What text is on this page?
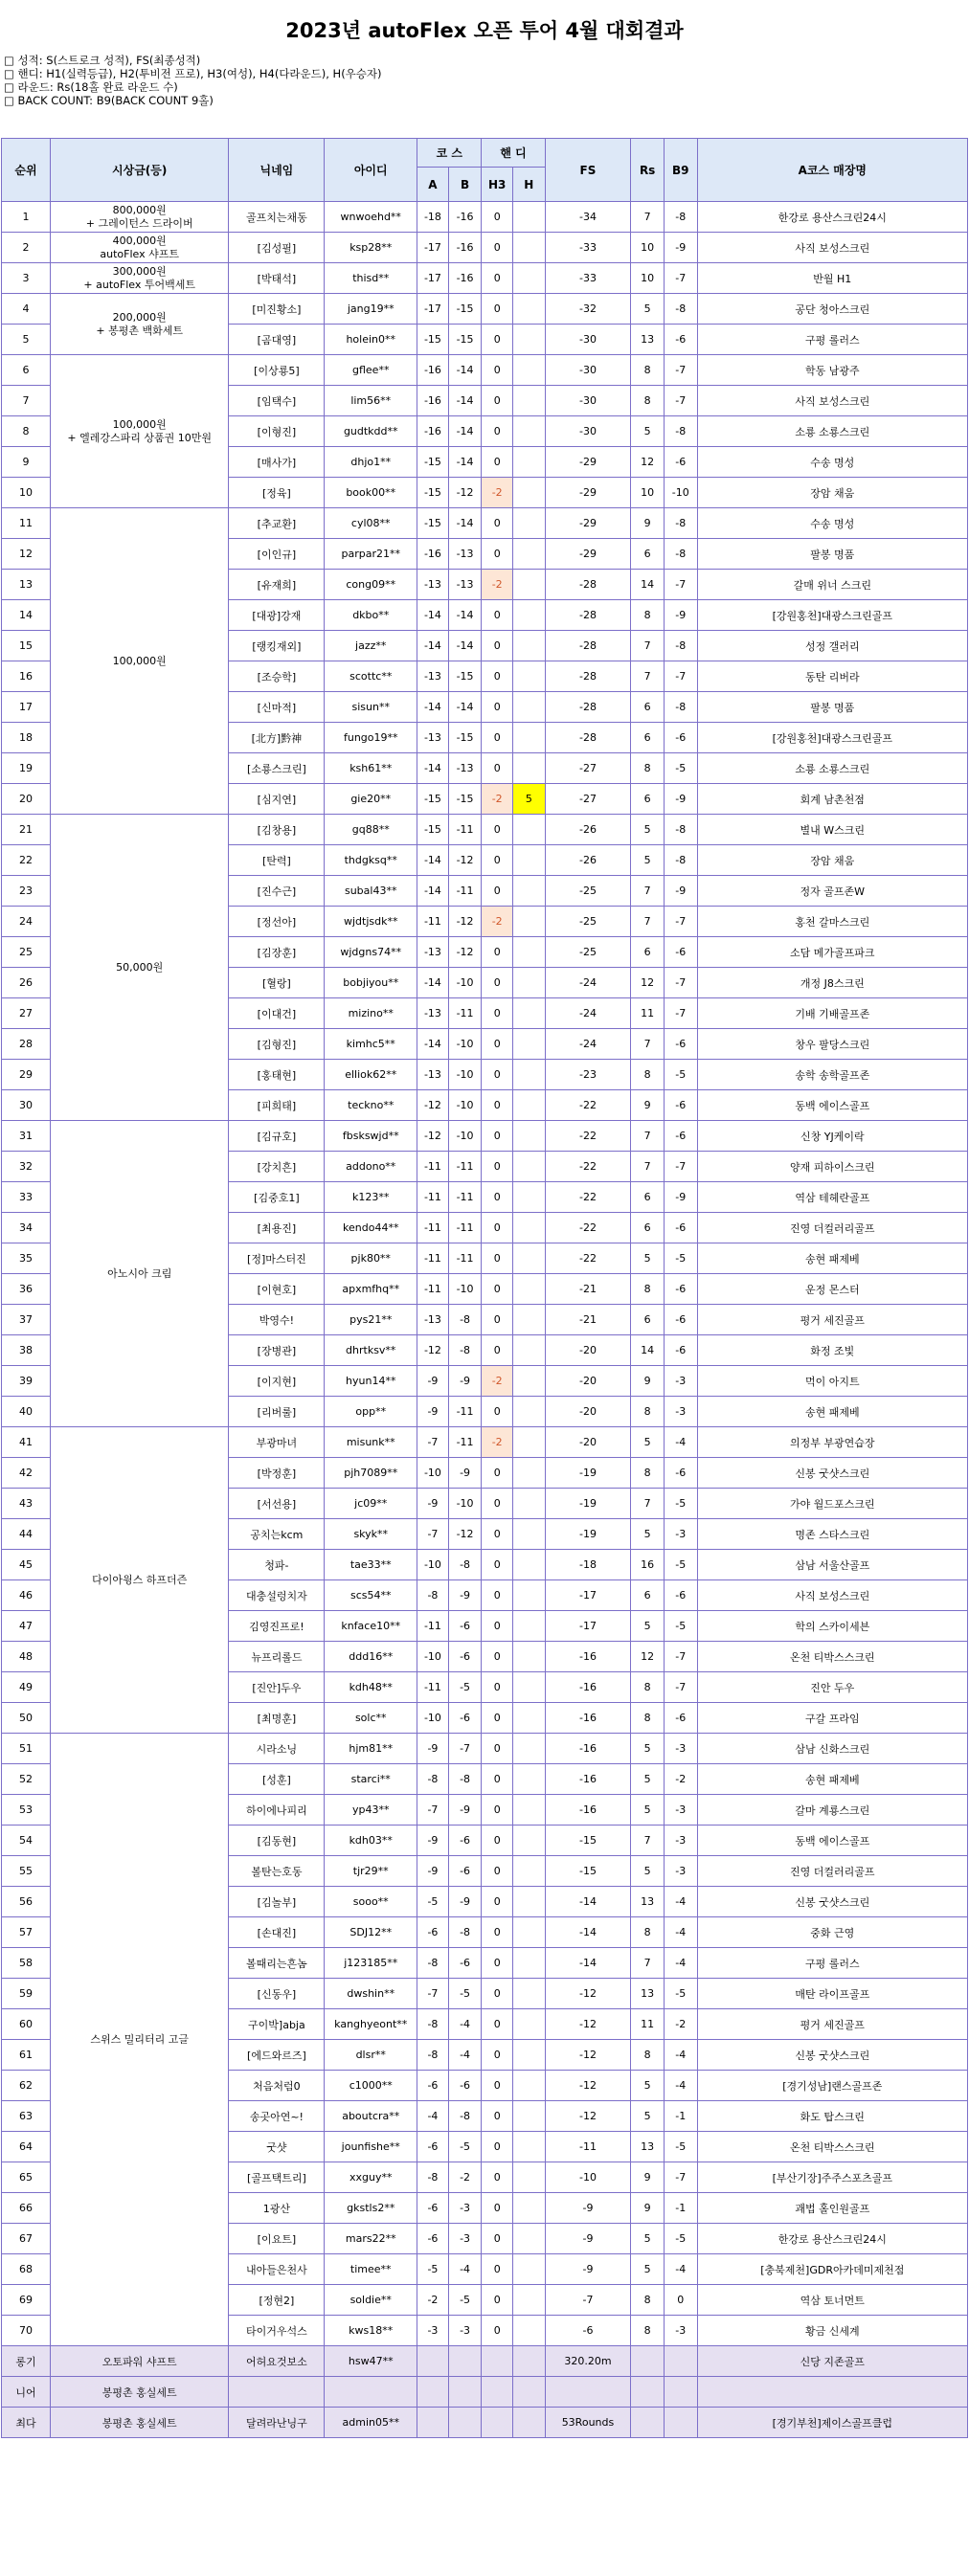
2023년 autoFlex 오픈 투어 4월 대회결과
□ 성적: S(스트로크 성적), FS(최종성적)
□ 핸디: H1(실력등급), H2(투비전 프로), H3(여성), H4(다라운드), H(우승자)
□ 라운드: Rs(18홀 완료 라운드 수)
□ BACK COUNT: B9(BACK COUNT 9홀)
순위	시상금(등)	닉네임	아이디	코 스		핸 디		FS	Rs	B9	A코스 매장명
				A	B	H3	H				
1	800,000원
+ 그레이턴스 드라이버	골프치는채동	wnwoehd**	-18	-16	0		-34	7	-8	한강로 용산스크린24시
2	400,000원
autoFlex 샤프트	[김성필]	ksp28**	-17	-16	0		-33	10	-9	사직 보성스크린
3	300,000원
+ autoFlex 투어백세트	[박태석]	thisd**	-17	-16	0		-33	10	-7	반월 H1
4	200,000원
+ 봉평촌 백화세트	[미진황소]	jang19**	-17	-15	0		-32	5	-8	공단 청아스크린
5		[곰대영]	holein0**	-15	-15	0		-30	13	-6	구평 롤러스
6	100,000원
+ 엘레강스파리 상품권 10만원	[이상룡5]	gflee**	-16	-14	0		-30	8	-7	학동 남광주
7		[임택수]	lim56**	-16	-14	0		-30	8	-7	사직 보성스크린
8		[이형진]	gudtkdd**	-16	-14	0		-30	5	-8	소룡 소룡스크린
9		[매사가]	dhjo1**	-15	-14	0		-29	12	-6	수송 명성
10		[정육]	book00**	-15	-12	-2		-29	10	-10	장암 채움
11	100,000원	[추교환]	cyl08**	-15	-14	0		-29	9	-8	수송 명성
12		[이인규]	parpar21**	-16	-13	0		-29	6	-8	팔봉 명품
13		[유재희]	cong09**	-13	-13	-2		-28	14	-7	갈매 위너 스크린
14		[대광]강재	dkbo**	-14	-14	0		-28	8	-9	[강원홍천]대광스크린골프
15		[랭킹재외]	jazz**	-14	-14	0		-28	7	-8	성정 갤러리
16		[조승학]	scottc**	-13	-15	0		-28	7	-7	동탄 리버라
17		[신마적]	sisun**	-14	-14	0		-28	6	-8	팔봉 명품
18		[北方]黔神	fungo19**	-13	-15	0		-28	6	-6	[강원홍천]대광스크린골프
19		[소룡스크린]	ksh61**	-14	-13	0		-27	8	-5	소룡 소룡스크린
20		[심지연]	gie20**	-15	-15	-2	5	-27	6	-9	회계 남촌천점
21	50,000원	[김창용]	gq88**	-15	-11	0		-26	5	-8	별내 W스크린
22		[탄력]	thdgksq**	-14	-12	0		-26	5	-8	장암 채움
23		[진수근]	subal43**	-14	-11	0		-25	7	-9	정자 골프존W
24		[정선아]	wjdtjsdk**	-11	-12	-2		-25	7	-7	홍천 갈마스크린
25		[김장훈]	wjdgns74**	-13	-12	0		-25	6	-6	소담 메가골프파크
26		[혈랑]	bobjiyou**	-14	-10	0		-24	12	-7	개정 J8스크린
27		[이대건]	mizino**	-13	-11	0		-24	11	-7	기배 기배골프존
28		[김형진]	kimhc5**	-14	-10	0		-24	7	-6	창우 팔당스크린
29		[홍태현]	elliok62**	-13	-10	0		-23	8	-5	송학 송학골프존
30		[피희태]	teckno**	-12	-10	0		-22	9	-6	동백 에이스골프
31	아노시아 크림	[김규호]	fbskswjd**	-12	-10	0		-22	7	-6	신창 YJ케이락
32		[강치흔]	addono**	-11	-11	0		-22	7	-7	양재 피하이스크린
33		[김중호1]	k123**	-11	-11	0		-22	6	-9	역삼 테헤란골프
34		[최용진]	kendo44**	-11	-11	0		-22	6	-6	진영 더컬러리골프
35		[정]마스터진	pjk80**	-11	-11	0		-22	5	-5	송현 패제베
36		[이현호]	apxmfhq**	-11	-10	0		-21	8	-6	운정 몬스터
37		박영수!	pys21**	-13	-8	0		-21	6	-6	평거 세진골프
38		[장병관]	dhrtksv**	-12	-8	0		-20	14	-6	화정 조빛
39		[이지현]	hyun14**	-9	-9	-2		-20	9	-3	먹이 아지트
40		[리버룰]	opp**	-9	-11	0		-20	8	-3	송현 패제베
41	다이아윙스 하프더즌	부광마녀	misunk**	-7	-11	-2		-20	5	-4	의정부 부광연습장
42		[박정훈]	pjh7089**	-10	-9	0		-19	8	-6	신봉 굿샷스크린
43		[서선용]	jc09**	-9	-10	0		-19	7	-5	가야 월드포스크린
44		공치는kcm	skyk**	-7	-12	0		-19	5	-3	명존 스타스크린
45		청파-	tae33**	-10	-8	0		-18	16	-5	삼남 서울산골프
46		대충설렁치자	scs54**	-8	-9	0		-17	6	-6	사직 보성스크린
47		김영진프로!	knface10**	-11	-6	0		-17	5	-5	학의 스카이세븐
48		뉴프리롤드	ddd16**	-10	-6	0		-16	12	-7	온천 티박스스크린
49		[진안]두우	kdh48**	-11	-5	0		-16	8	-7	진안 두우
50		[최명훈]	solc**	-10	-6	0		-16	8	-6	구갈 프라임
51	스위스 밀리터리 고글	시라소닝	hjm81**	-9	-7	0		-16	5	-3	삼남 신화스크린
52		[성훈]	starci**	-8	-8	0		-16	5	-2	송현 패제베
53		하이에나피리	yp43**	-7	-9	0		-16	5	-3	갈마 계룡스크린
54		[김동현]	kdh03**	-9	-6	0		-15	7	-3	동백 에이스골프
55		볼탄는호동	tjr29**	-9	-6	0		-15	5	-3	진영 더컬러리골프
56		[김놀부]	sooo**	-5	-9	0		-14	13	-4	신봉 굿샷스크린
57		[손대진]	SDJ12**	-6	-8	0		-14	8	-4	중화 근영
58		볼때리는흔놈	j123185**	-8	-6	0		-14	7	-4	구평 롤러스
59		[신동우]	dwshin**	-7	-5	0		-12	13	-5	매탄 라이프골프
60		구이박]abja	kanghyeont**	-8	-4	0		-12	11	-2	평거 세진골프
61		[에드와르즈]	dlsr**	-8	-4	0		-12	8	-4	신봉 굿샷스크린
62		처음처럼0	c1000**	-6	-6	0		-12	5	-4	[경기성남]랜스골프존
63		송곳아연~!	aboutcra**	-4	-8	0		-12	5	-1	화도 탑스크린
64		굿샷	jounfishe**	-6	-5	0		-11	13	-5	온천 티박스스크린
65		[골프택트리]	xxguy**	-8	-2	0		-10	9	-7	[부산기장]주주스포츠골프
66		1광산	gkstls2**	-6	-3	0		-9	9	-1	괘법 홀인원골프
67		[이요트]	mars22**	-6	-3	0		-9	5	-5	한강로 용산스크린24시
68		내아들은천사	timee**	-5	-4	0		-9	5	-4	[충북제천]GDR아카데미제천점
69		[정현2]	soldie**	-2	-5	0		-7	8	0	역삼 토너먼트
70		타이거우석스	kws18**	-3	-3	0		-6	8	-3	황금 신세계
롱기	오토파워 샤프트	어허요것보소	hsw47**					320.20m			신당 지존골프
니어	봉평촌 홍실세트										
최다	봉평촌 홍실세트	달려라난닝구	admin05**					53Rounds			[경기부천]제이스골프클럽
